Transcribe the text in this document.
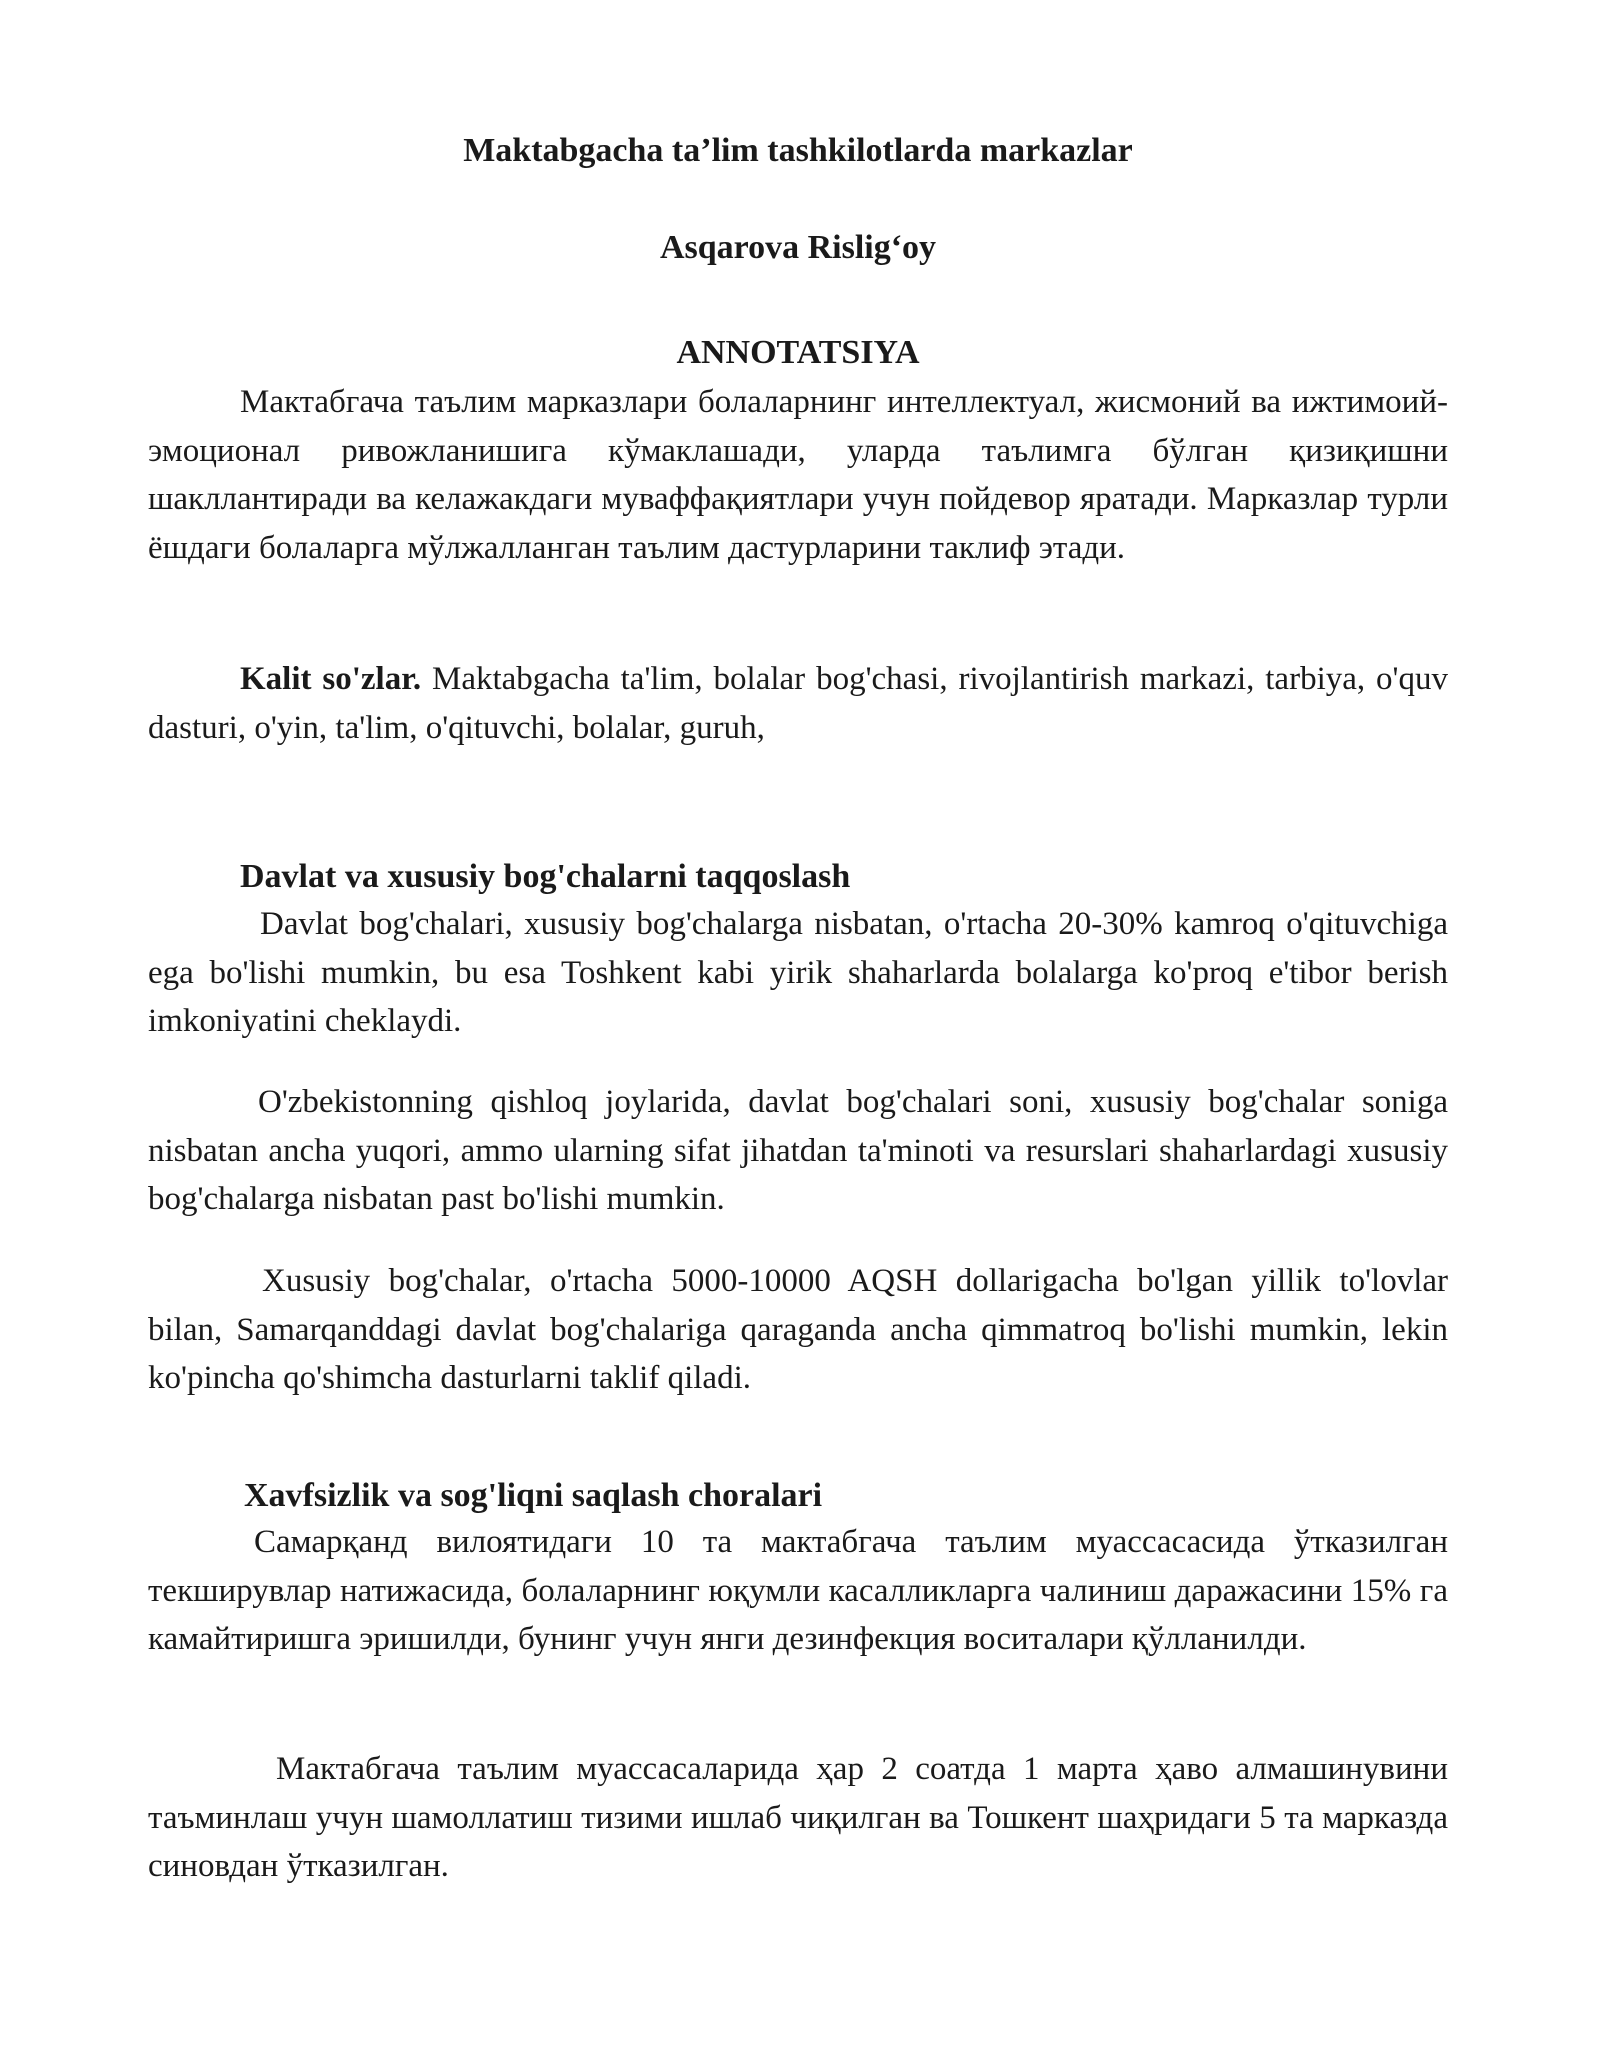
Maktabgacha ta’lim tashkilotlarda markazlar
Asqarova Risligʻoy
ANNOTATSIYA

Мактабгача таълим марказлари болаларнинг интеллектуал, жисмоний ва ижтимоий-эмоционал ривожланишига кўмаклашади, уларда таълимга бўлган қизиқишни шакллантиради ва келажакдаги муваффақиятлари учун пойдевор яратади. Марказлар турли ёшдаги болаларга мўлжалланган таълим дастурларини таклиф этади.

Kalit so'zlar. Maktabgacha ta'lim, bolalar bog'chasi, rivojlantirish markazi, tarbiya, o'quv dasturi, o'yin, ta'lim, o'qituvchi, bolalar, guruh,

Davlat va xususiy bog'chalarni taqqoslash

Davlat bog'chalari, xususiy bog'chalarga nisbatan, o'rtacha 20-30% kamroq o'qituvchiga ega bo'lishi mumkin, bu esa Toshkent kabi yirik shaharlarda bolalarga ko'proq e'tibor berish imkoniyatini cheklaydi.

O'zbekistonning qishloq joylarida, davlat bog'chalari soni, xususiy bog'chalar soniga nisbatan ancha yuqori, ammo ularning sifat jihatdan ta'minoti va resurslari shaharlardagi xususiy bog'chalarga nisbatan past bo'lishi mumkin.

Xususiy bog'chalar, o'rtacha 5000-10000 AQSH dollarigacha bo'lgan yillik to'lovlar bilan, Samarqanddagi davlat bog'chalariga qaraganda ancha qimmatroq bo'lishi mumkin, lekin ko'pincha qo'shimcha dasturlarni taklif qiladi.

Xavfsizlik va sog'liqni saqlash choralari

Самарқанд вилоятидаги 10 та мактабгача таълим муассасасида ўтказилган текширувлар натижасида, болаларнинг юқумли касалликларга чалиниш даражасини 15% га камайтиришга эришилди, бунинг учун янги дезинфекция воситалари қўлланилди.

Мактабгача таълим муассасаларида ҳар 2 соатда 1 марта ҳаво алмашинувини таъминлаш учун шамоллатиш тизими ишлаб чиқилган ва Тошкент шаҳридаги 5 та марказда синовдан ўтказилган.
